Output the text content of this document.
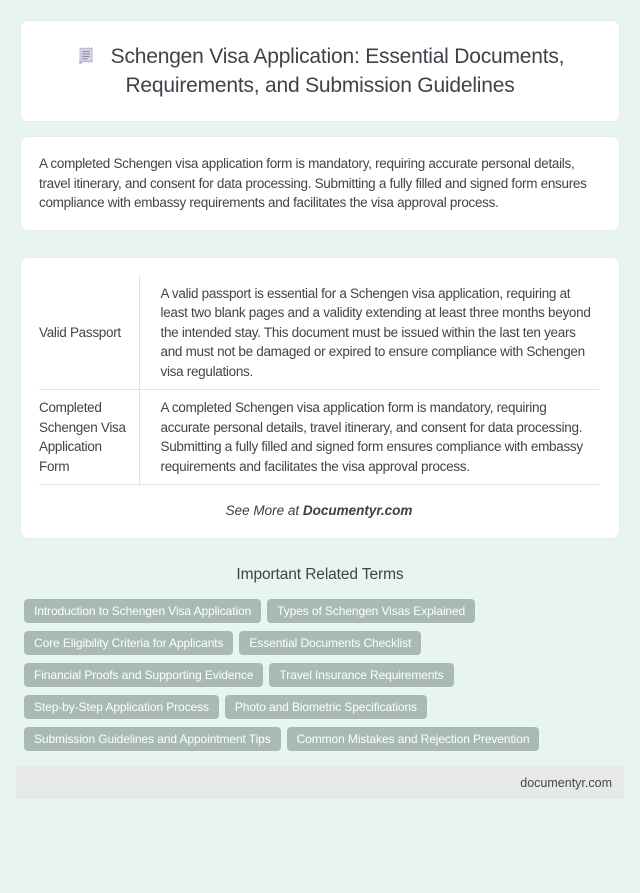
Schengen Visa Application: Essential Documents, Requirements, and Submission Guidelines

A completed Schengen visa application form is mandatory, requiring accurate personal details, travel itinerary, and consent for data processing. Submitting a fully filled and signed form ensures compliance with embassy requirements and facilitates the visa approval process.

Valid Passport	A valid passport is essential for a Schengen visa application, requiring at least two blank pages and a validity extending at least three months beyond the intended stay. This document must be issued within the last ten years and must not be damaged or expired to ensure compliance with Schengen visa regulations.
Completed Schengen Visa Application Form	A completed Schengen visa application form is mandatory, requiring accurate personal details, travel itinerary, and consent for data processing. Submitting a fully filled and signed form ensures compliance with embassy requirements and facilitates the visa approval process.

See More at Documentyr.com

Important Related Terms
Introduction to Schengen Visa Application	Types of Schengen Visas Explained
Core Eligibility Criteria for Applicants	Essential Documents Checklist
Financial Proofs and Supporting Evidence	Travel Insurance Requirements
Step-by-Step Application Process	Photo and Biometric Specifications
Submission Guidelines and Appointment Tips	Common Mistakes and Rejection Prevention
documentyr.com
